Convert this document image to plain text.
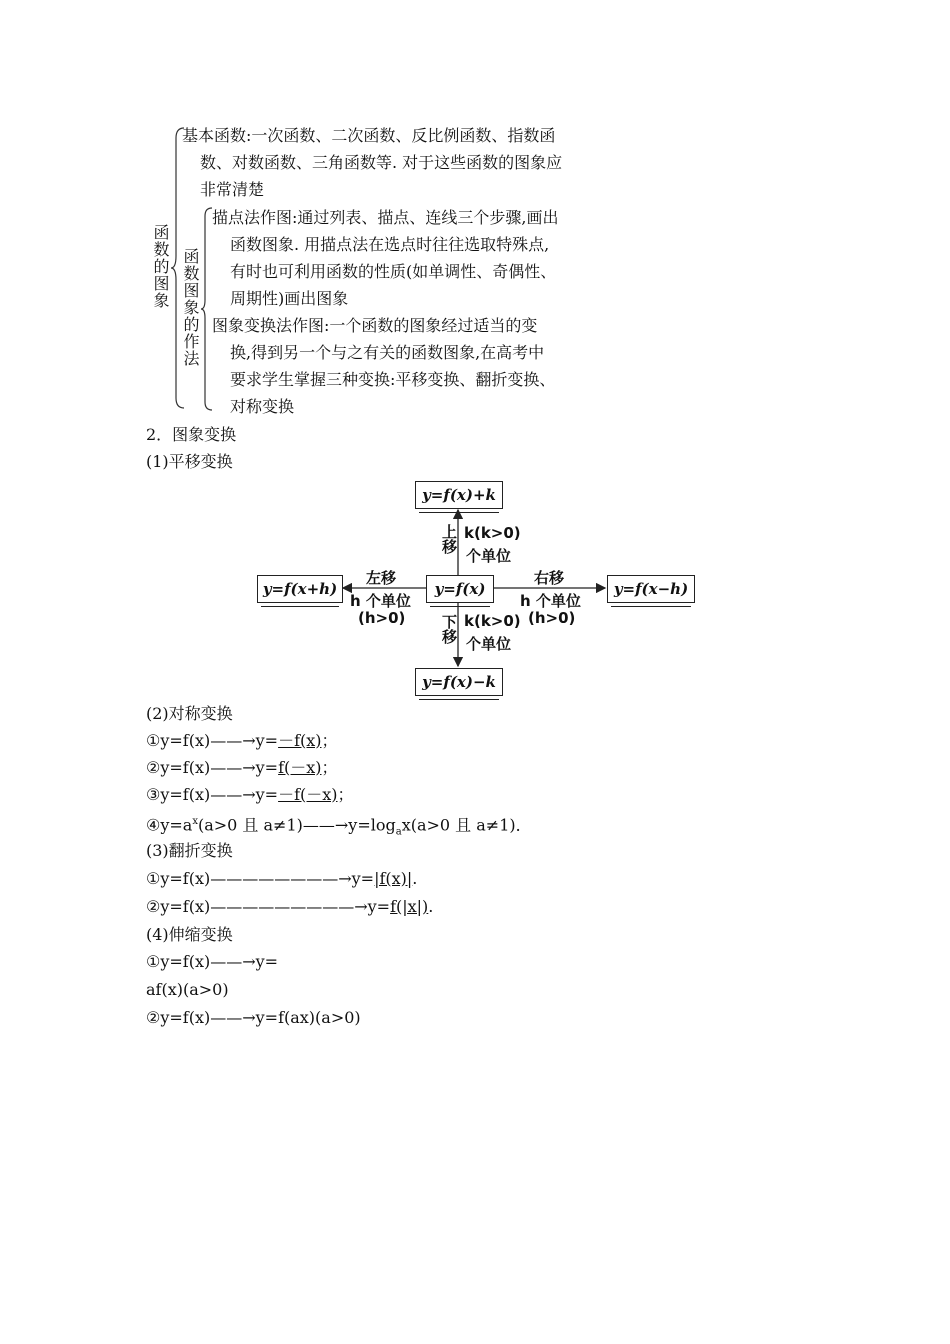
函数的图象
基本函数:一次函数、二次函数、反比例函数、指数函
数、对数函数、三角函数等. 对于这些函数的图象应
非常清楚
函数图象的作法
描点法作图:通过列表、描点、连线三个步骤,画出
函数图象. 用描点法在选点时往往选取特殊点,
有时也可利用函数的性质(如单调性、奇偶性、
周期性)画出图象
图象变换法作图:一个函数的图象经过适当的变
换,得到另一个与之有关的函数图象,在高考中
要求学生掌握三种变换:平移变换、翻折变换、
对称变换
2．图象变换
(1)平移变换
y=f(x)+k
y=f(x)
y=f(x)−k
y=f(x+h)	y=f(x−h)
上移 k(k>0)
个单位
下移 k(k>0)
个单位
左移
h 个单位
(h>0)
右移
h 个单位
(h>0)
(2)对称变换
①y=f(x)——→y=－f(x)；
②y=f(x)——→y=f(－x)；
③y=f(x)——→y=－f(－x)；
$④y=a^x(a>0$ 且 $a\ne 1)——\to y=\log_ax(a>0$ 且 a≠1)．
(3)翻折变换
①y=f(x)————————→y=|f(x)|.
②y=f(x)—————————→y=f(|x|).
(4)伸缩变换
①y=f(x)——→y=
af(x)(a>0)
②y=f(x)——→y=f(ax)(a>0)
